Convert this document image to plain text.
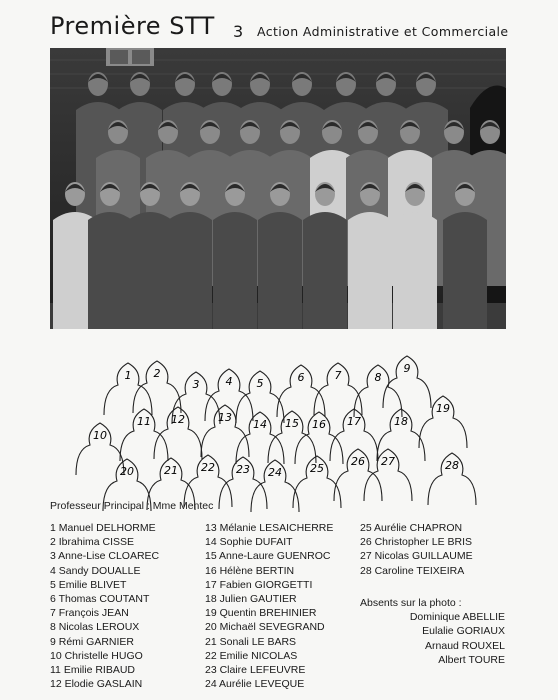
Première STT 3 Action Administrative et Commerciale
1 2
3 4 5	6	7	8
9
10
11 12	13
14 15 16 17	18
19
20	21 22 23 24	25
26 27	28
Professeur Principal : Mme Mentec
1 Manuel DELHORME
2 Ibrahima CISSE
3 Anne-Lise CLOAREC
4 Sandy DOUALLE
5 Emilie BLIVET
6 Thomas COUTANT
7 François JEAN
8 Nicolas LEROUX
9 Rémi GARNIER
10 Christelle HUGO
11 Emilie RIBAUD
12 Elodie GASLAIN
13 Mélanie LESAICHERRE
14 Sophie DUFAIT
15 Anne-Laure GUENROC
16 Hélène BERTIN
17 Fabien GIORGETTI
18 Julien GAUTIER
19 Quentin BREHINIER
20 Michaël SEVEGRAND
21 Sonali LE BARS
22 Emilie NICOLAS
23 Claire LEFEUVRE
24 Aurélie LEVEQUE
25 Aurélie CHAPRON
26 Christopher LE BRIS
27 Nicolas GUILLAUME
28 Caroline TEIXEIRA
Absents sur la photo :
Dominique ABELLIE
Eulalie GORIAUX
Arnaud ROUXEL
Albert TOURE
